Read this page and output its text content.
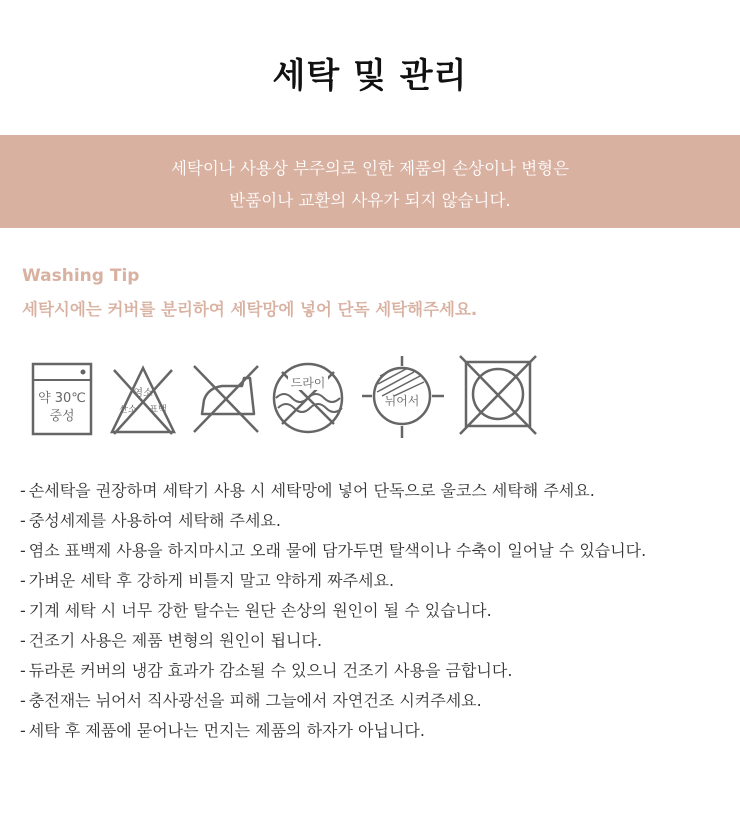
세탁 및 관리
세탁이나 사용상 부주의로 인한 제품의 손상이나 변형은
반품이나 교환의 사유가 되지 않습니다.
Washing Tip
세탁시에는 커버를 분리하여 세탁망에 넣어 단독 세탁해주세요.
약 30℃
중성
염소
산소 표백
드라이
뉘어서
- 손세탁을 권장하며 세탁기 사용 시 세탁망에 넣어 단독으로 울코스 세탁해 주세요.
- 중성세제를 사용하여 세탁해 주세요.
- 염소 표백제 사용을 하지마시고 오래 물에 담가두면 탈색이나 수축이 일어날 수 있습니다.
- 가벼운 세탁 후 강하게 비틀지 말고 약하게 짜주세요.
- 기계 세탁 시 너무 강한 탈수는 원단 손상의 원인이 될 수 있습니다.
- 건조기 사용은 제품 변형의 원인이 됩니다.
- 듀라론 커버의 냉감 효과가 감소될 수 있으니 건조기 사용을 금합니다.
- 충전재는 뉘어서 직사광선을 피해 그늘에서 자연건조 시켜주세요.
- 세탁 후 제품에 묻어나는 먼지는 제품의 하자가 아닙니다.
